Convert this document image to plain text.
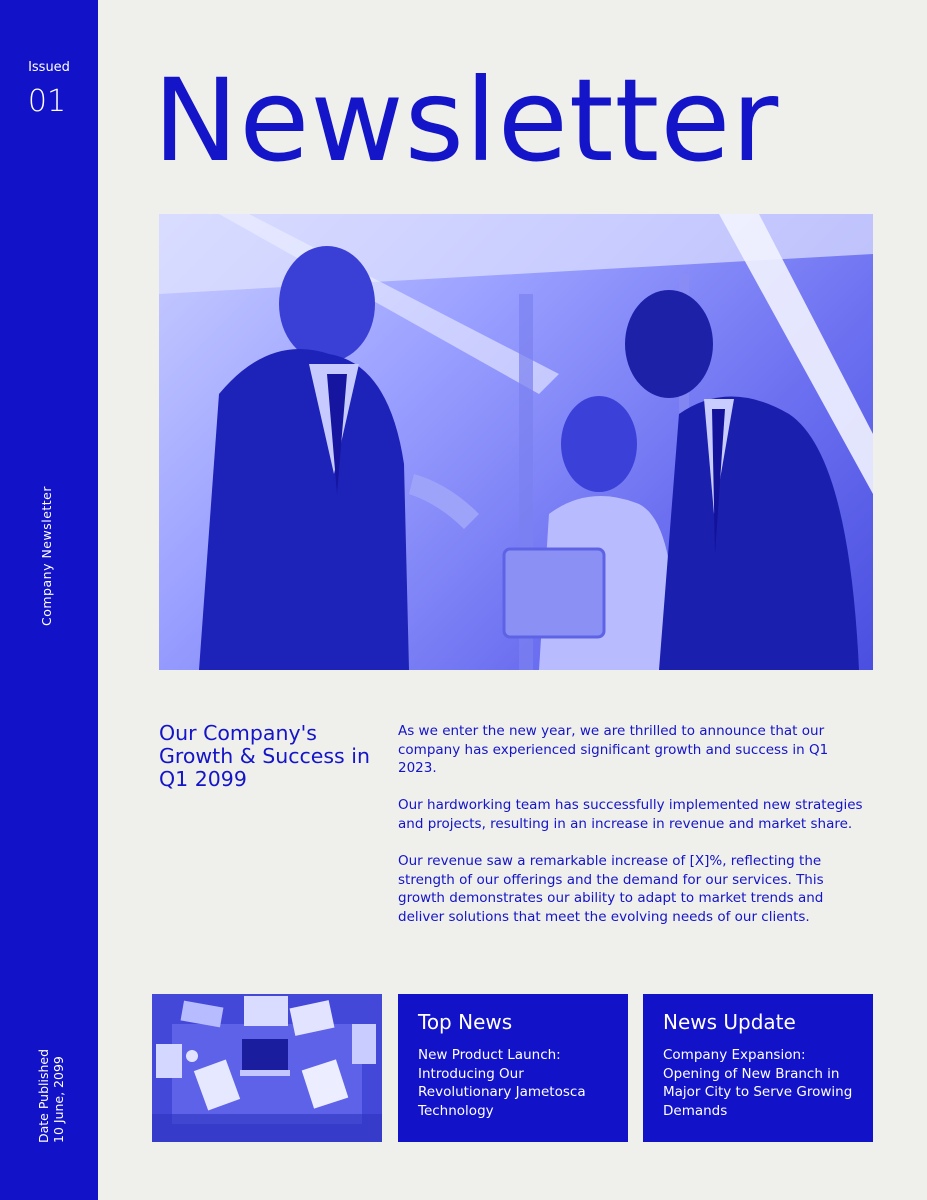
Issued
01
Company Newsletter
Date Published 10 June, 2099
Newsletter
Our Company's Growth & Success in Q1 2099

As we enter the new year, we are thrilled to announce that our company has experienced significant growth and success in Q1 2023.

Our hardworking team has successfully implemented new strategies and projects, resulting in an increase in revenue and market share.

Our revenue saw a remarkable increase of [X]%, reflecting the strength of our offerings and the demand for our services. This growth demonstrates our ability to adapt to market trends and deliver solutions that meet the evolving needs of our clients.

Top News
New Product Launch: Introducing Our Revolutionary Jametosca Technology
News Update
Company Expansion: Opening of New Branch in Major City to Serve Growing Demands
